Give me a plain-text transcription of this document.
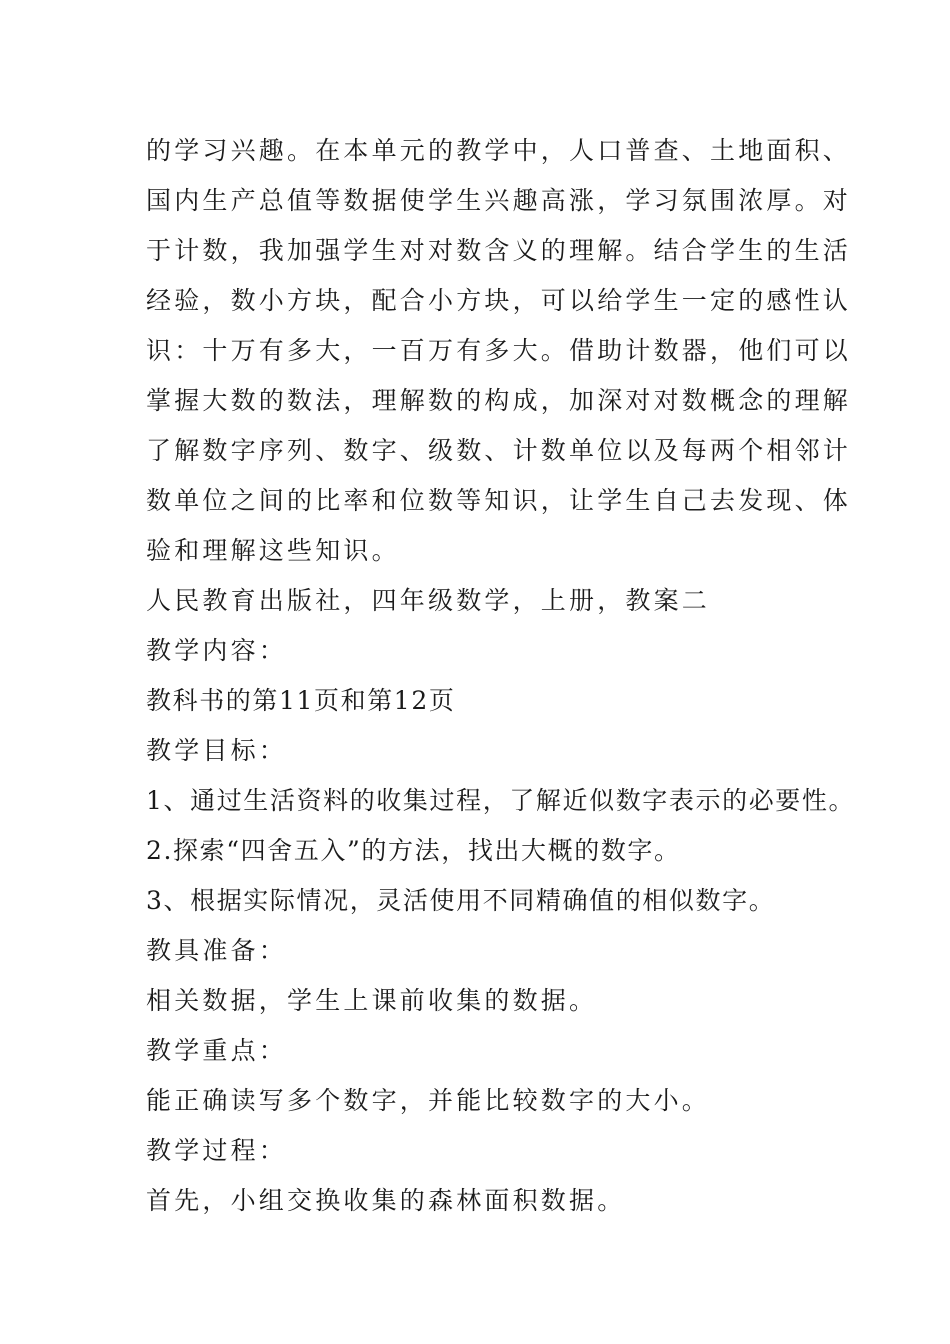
的学习兴趣。在本单元的教学中，人口普查、土地面积、
国内生产总值等数据使学生兴趣高涨，学习氛围浓厚。对
于计数，我加强学生对对数含义的理解。结合学生的生活
经验，数小方块，配合小方块，可以给学生一定的感性认
识：十万有多大，一百万有多大。借助计数器，他们可以
掌握大数的数法，理解数的构成，加深对对数概念的理解
了解数字序列、数字、级数、计数单位以及每两个相邻计
数单位之间的比率和位数等知识，让学生自己去发现、体
验和理解这些知识。
人民教育出版社，四年级数学，上册，教案二
教学内容：
教科书的第11页和第12页
教学目标：
1、通过生活资料的收集过程，了解近似数字表示的必要性。
2.探索“四舍五入”的方法，找出大概的数字。
3、根据实际情况，灵活使用不同精确值的相似数字。
教具准备：
相关数据，学生上课前收集的数据。
教学重点：
能正确读写多个数字，并能比较数字的大小。
教学过程：
首先，小组交换收集的森林面积数据。
